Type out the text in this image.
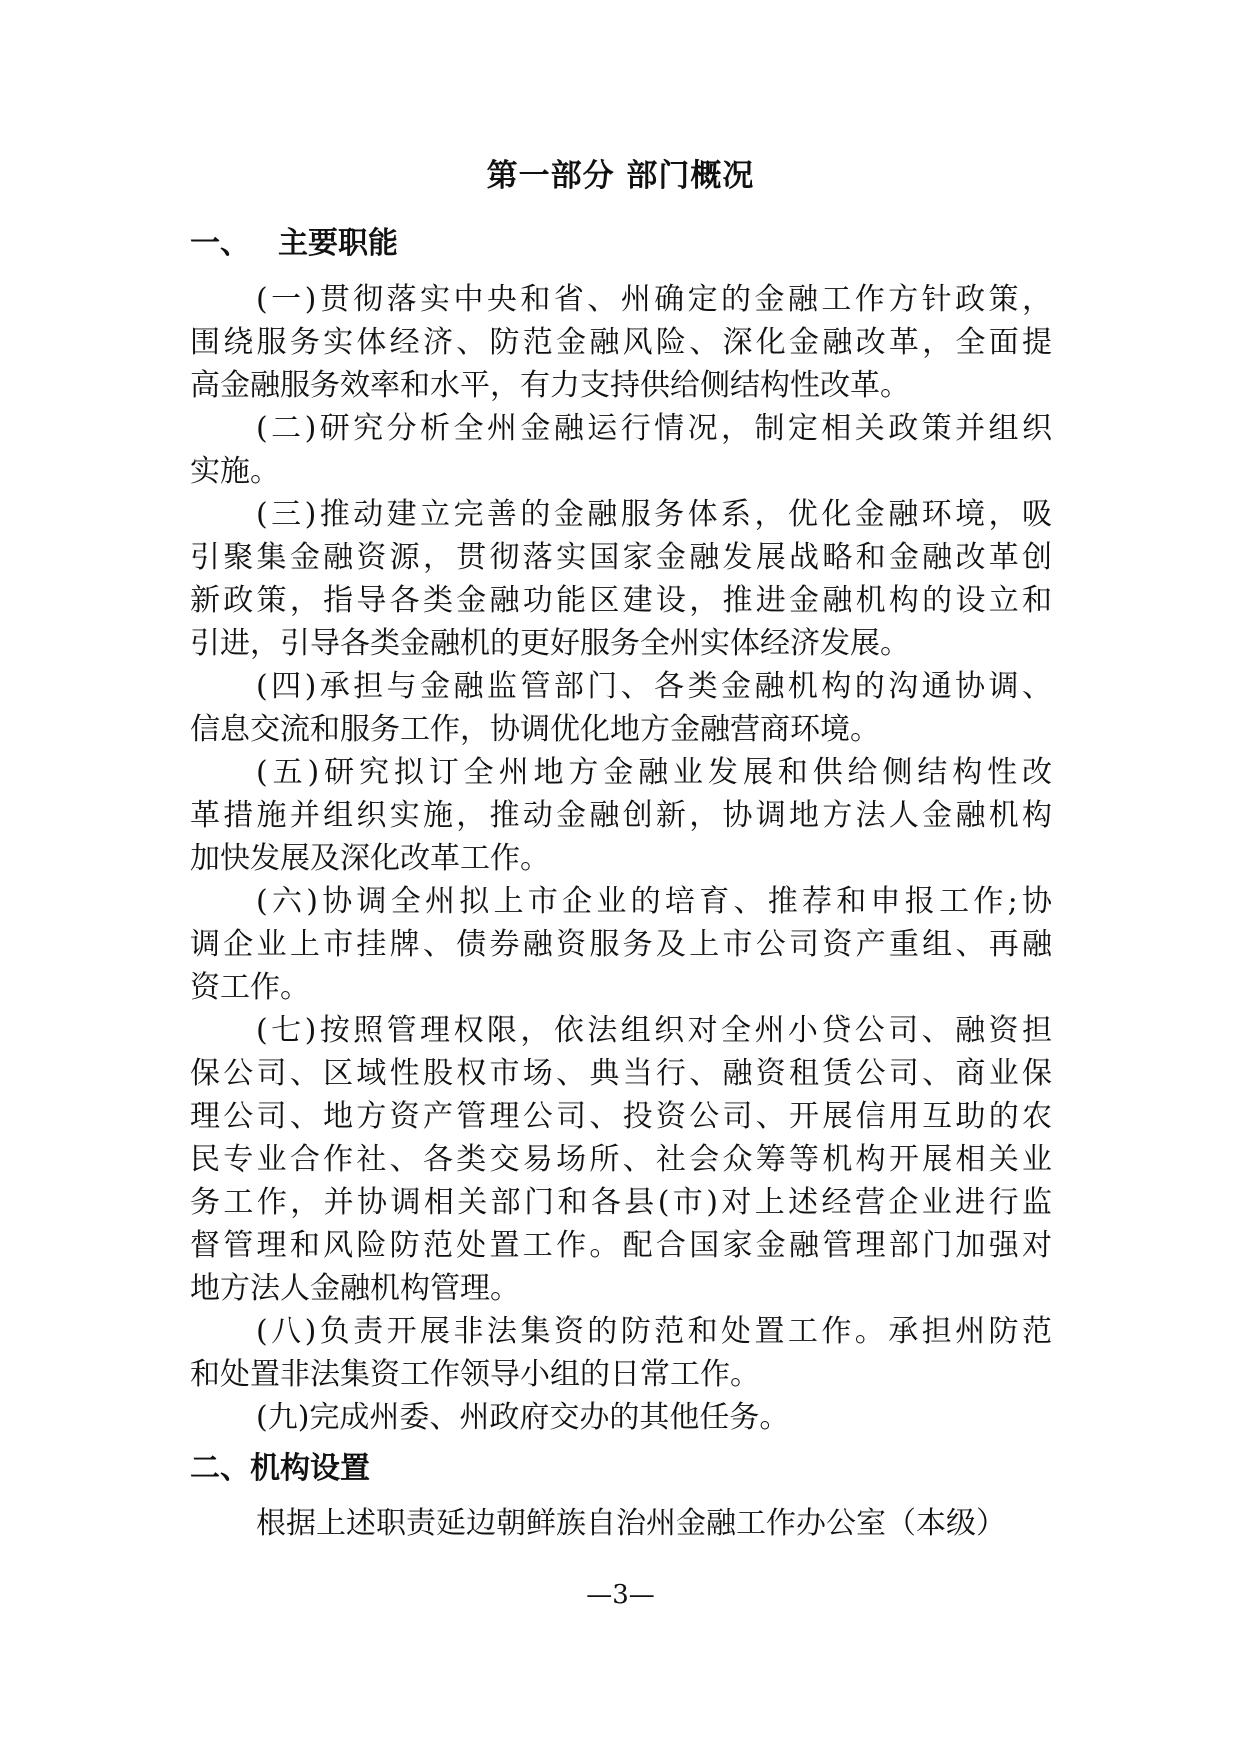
第一部分 部门概况
一、 主要职能
(一)贯彻落实中央和省、州确定的金融工作方针政策，
围绕服务实体经济、防范金融风险、深化金融改革，全面提
高金融服务效率和水平，有力支持供给侧结构性改革。
(二)研究分析全州金融运行情况，制定相关政策并组织
实施。
(三)推动建立完善的金融服务体系，优化金融环境，吸
引聚集金融资源，贯彻落实国家金融发展战略和金融改革创
新政策，指导各类金融功能区建设，推进金融机构的设立和
引进，引导各类金融机的更好服务全州实体经济发展。
(四)承担与金融监管部门、各类金融机构的沟通协调、
信息交流和服务工作，协调优化地方金融营商环境。
(五)研究拟订全州地方金融业发展和供给侧结构性改
革措施并组织实施，推动金融创新，协调地方法人金融机构
加快发展及深化改革工作。
(六)协调全州拟上市企业的培育、推荐和申报工作;协
调企业上市挂牌、债券融资服务及上市公司资产重组、再融
资工作。
(七)按照管理权限，依法组织对全州小贷公司、融资担
保公司、区域性股权市场、典当行、融资租赁公司、商业保
理公司、地方资产管理公司、投资公司、开展信用互助的农
民专业合作社、各类交易场所、社会众筹等机构开展相关业
务工作，并协调相关部门和各县(市)对上述经营企业进行监
督管理和风险防范处置工作。配合国家金融管理部门加强对
地方法人金融机构管理。
(八)负责开展非法集资的防范和处置工作。承担州防范
和处置非法集资工作领导小组的日常工作。
(九)完成州委、州政府交办的其他任务。
二、机构设置
根据上述职责延边朝鲜族自治州金融工作办公室（本级）
—3—
